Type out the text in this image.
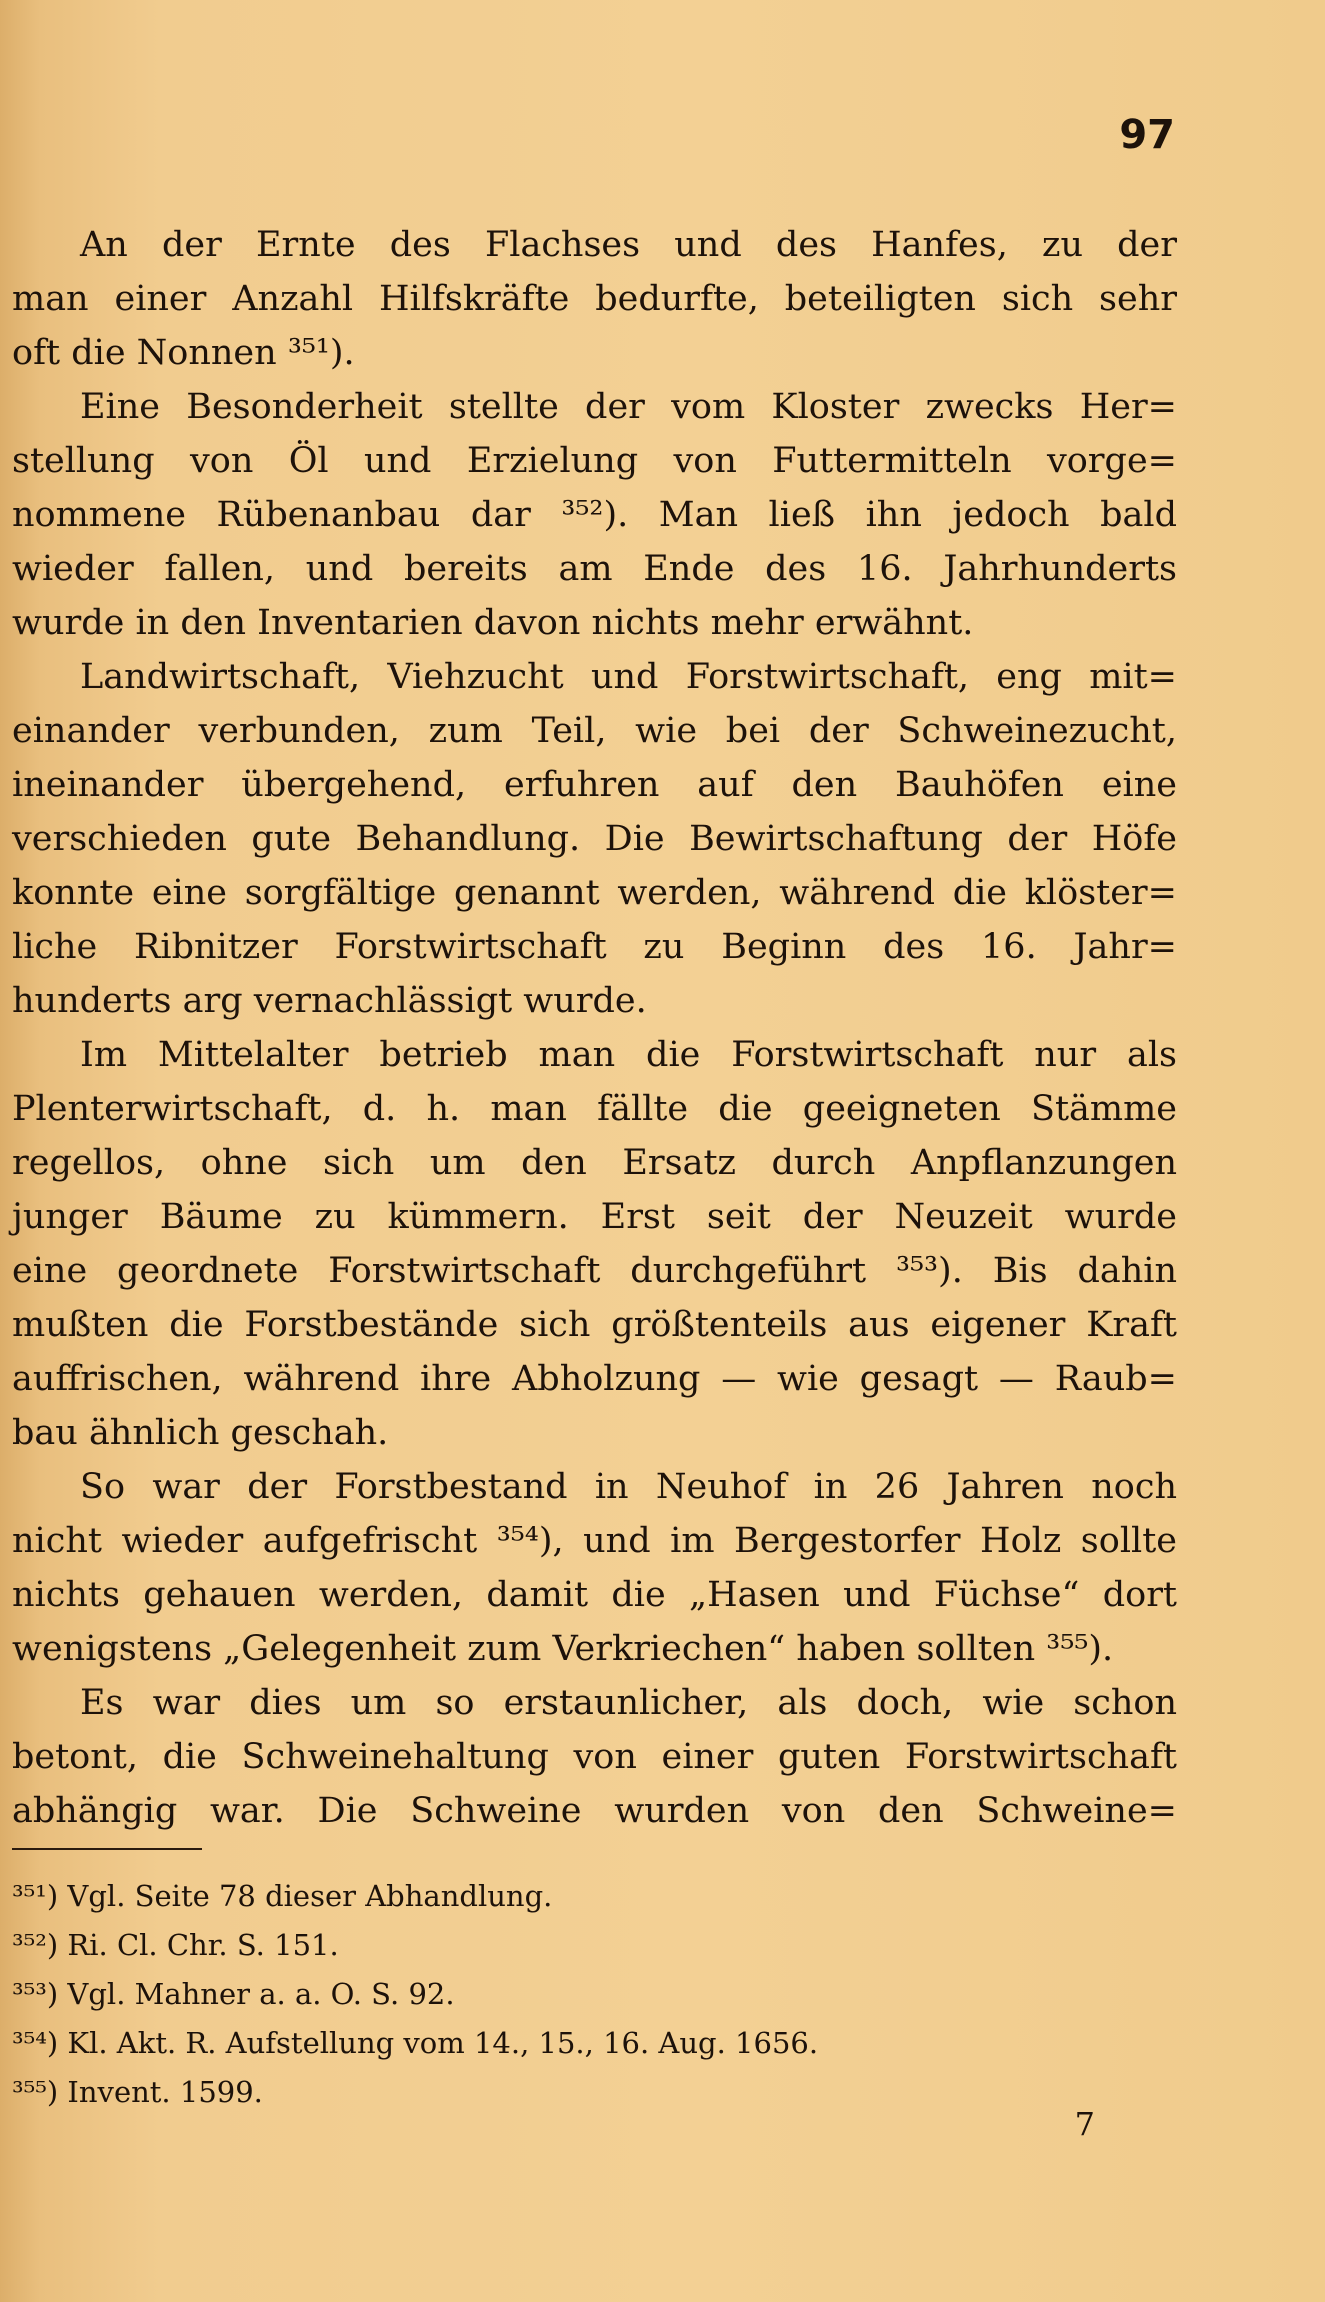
97
An der Ernte des Flachses und des Hanfes, zu der
man einer Anzahl Hilfskräfte bedurfte, beteiligten sich sehr
oft die Nonnen ³⁵¹).
Eine Besonderheit stellte der vom Kloster zwecks Her=
stellung von Öl und Erzielung von Futtermitteln vorge=
nommene Rübenanbau dar ³⁵²). Man ließ ihn jedoch bald
wieder fallen, und bereits am Ende des 16. Jahrhunderts
wurde in den Inventarien davon nichts mehr erwähnt.
Landwirtschaft, Viehzucht und Forstwirtschaft, eng mit=
einander verbunden, zum Teil, wie bei der Schweinezucht,
ineinander übergehend, erfuhren auf den Bauhöfen eine
verschieden gute Behandlung. Die Bewirtschaftung der Höfe
konnte eine sorgfältige genannt werden, während die klöster=
liche Ribnitzer Forstwirtschaft zu Beginn des 16. Jahr=
hunderts arg vernachlässigt wurde.
Im Mittelalter betrieb man die Forstwirtschaft nur als
Plenterwirtschaft, d. h. man fällte die geeigneten Stämme
regellos, ohne sich um den Ersatz durch Anpflanzungen
junger Bäume zu kümmern. Erst seit der Neuzeit wurde
eine geordnete Forstwirtschaft durchgeführt ³⁵³). Bis dahin
mußten die Forstbestände sich größtenteils aus eigener Kraft
auffrischen, während ihre Abholzung — wie gesagt — Raub=
bau ähnlich geschah.
So war der Forstbestand in Neuhof in 26 Jahren noch
nicht wieder aufgefrischt ³⁵⁴), und im Bergestorfer Holz sollte
nichts gehauen werden, damit die „Hasen und Füchse“ dort
wenigstens „Gelegenheit zum Verkriechen“ haben sollten ³⁵⁵).
Es war dies um so erstaunlicher, als doch, wie schon
betont, die Schweinehaltung von einer guten Forstwirtschaft
abhängig war. Die Schweine wurden von den Schweine=
³⁵¹) Vgl. Seite 78 dieser Abhandlung.
³⁵²) Ri. Cl. Chr. S. 151.
³⁵³) Vgl. Mahner a. a. O. S. 92.
³⁵⁴) Kl. Akt. R. Aufstellung vom 14., 15., 16. Aug. 1656.
³⁵⁵) Invent. 1599.
7
